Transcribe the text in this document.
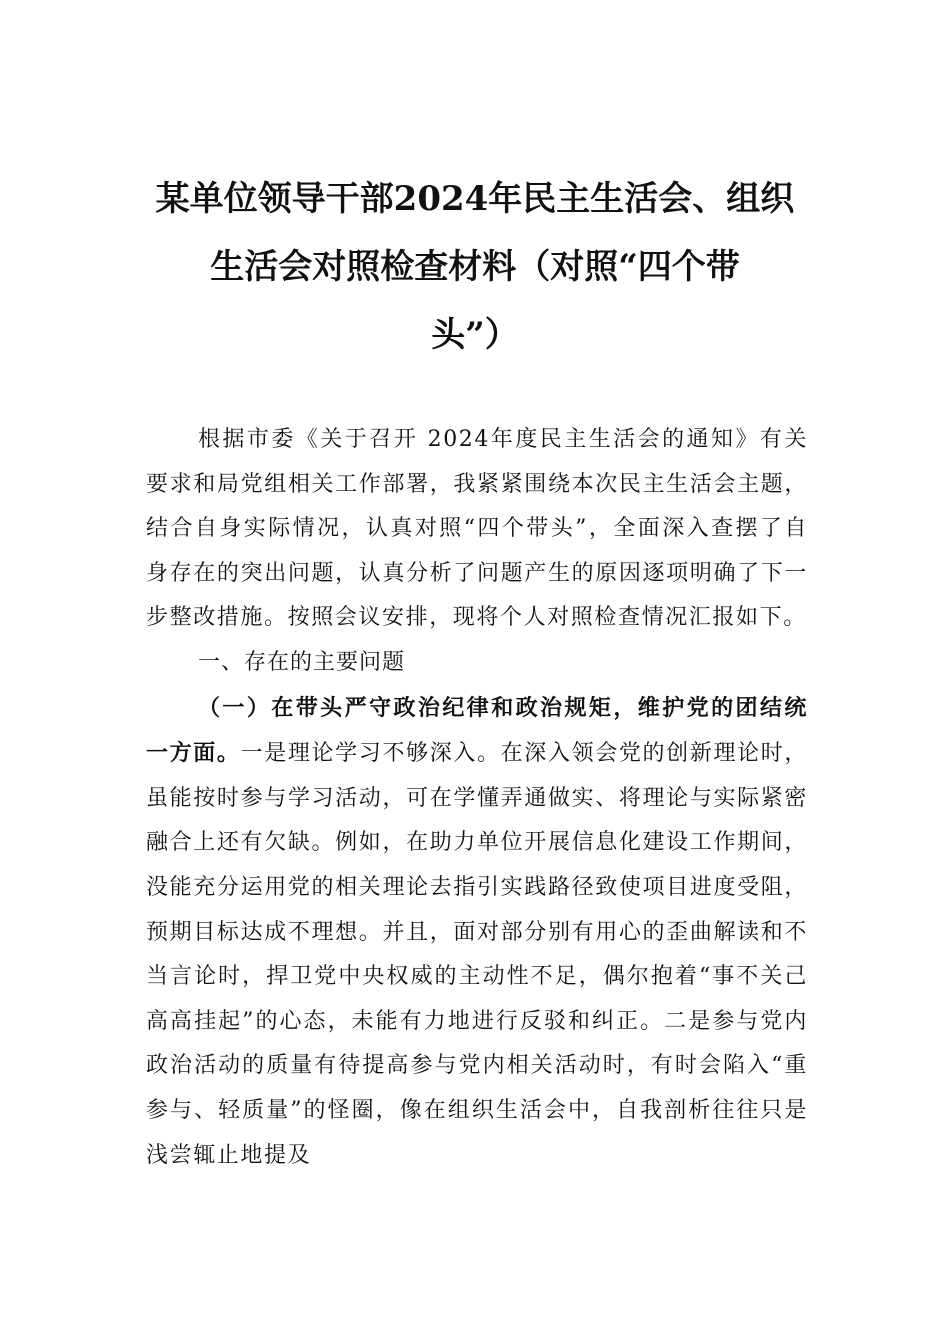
某单位领导干部2024年民主生活会、组织
生活会对照检查材料（对照“四个带
头”）

根据市委《关于召开 2024年度民主生活会的通知》有关要求和局党组相关工作部署，我紧紧围绕本次民主生活会主题，结合自身实际情况，认真对照“四个带头”，全面深入查摆了自身存在的突出问题，认真分析了问题产生的原因逐项明确了下一步整改措施。按照会议安排，现将个人对照检查情况汇报如下。

一、存在的主要问题

（一）在带头严守政治纪律和政治规矩，维护党的团结统一方面。一是理论学习不够深入。在深入领会党的创新理论时，虽能按时参与学习活动，可在学懂弄通做实、将理论与实际紧密融合上还有欠缺。例如，在助力单位开展信息化建设工作期间，没能充分运用党的相关理论去指引实践路径致使项目进度受阻，预期目标达成不理想。并且，面对部分别有用心的歪曲解读和不当言论时，捍卫党中央权威的主动性不足，偶尔抱着“事不关己高高挂起”的心态，未能有力地进行反驳和纠正。二是参与党内政治活动的质量有待提高参与党内相关活动时，有时会陷入“重参与、轻质量”的怪圈，像在组织生活会中，自我剖析往往只是浅尝辄止地提及
